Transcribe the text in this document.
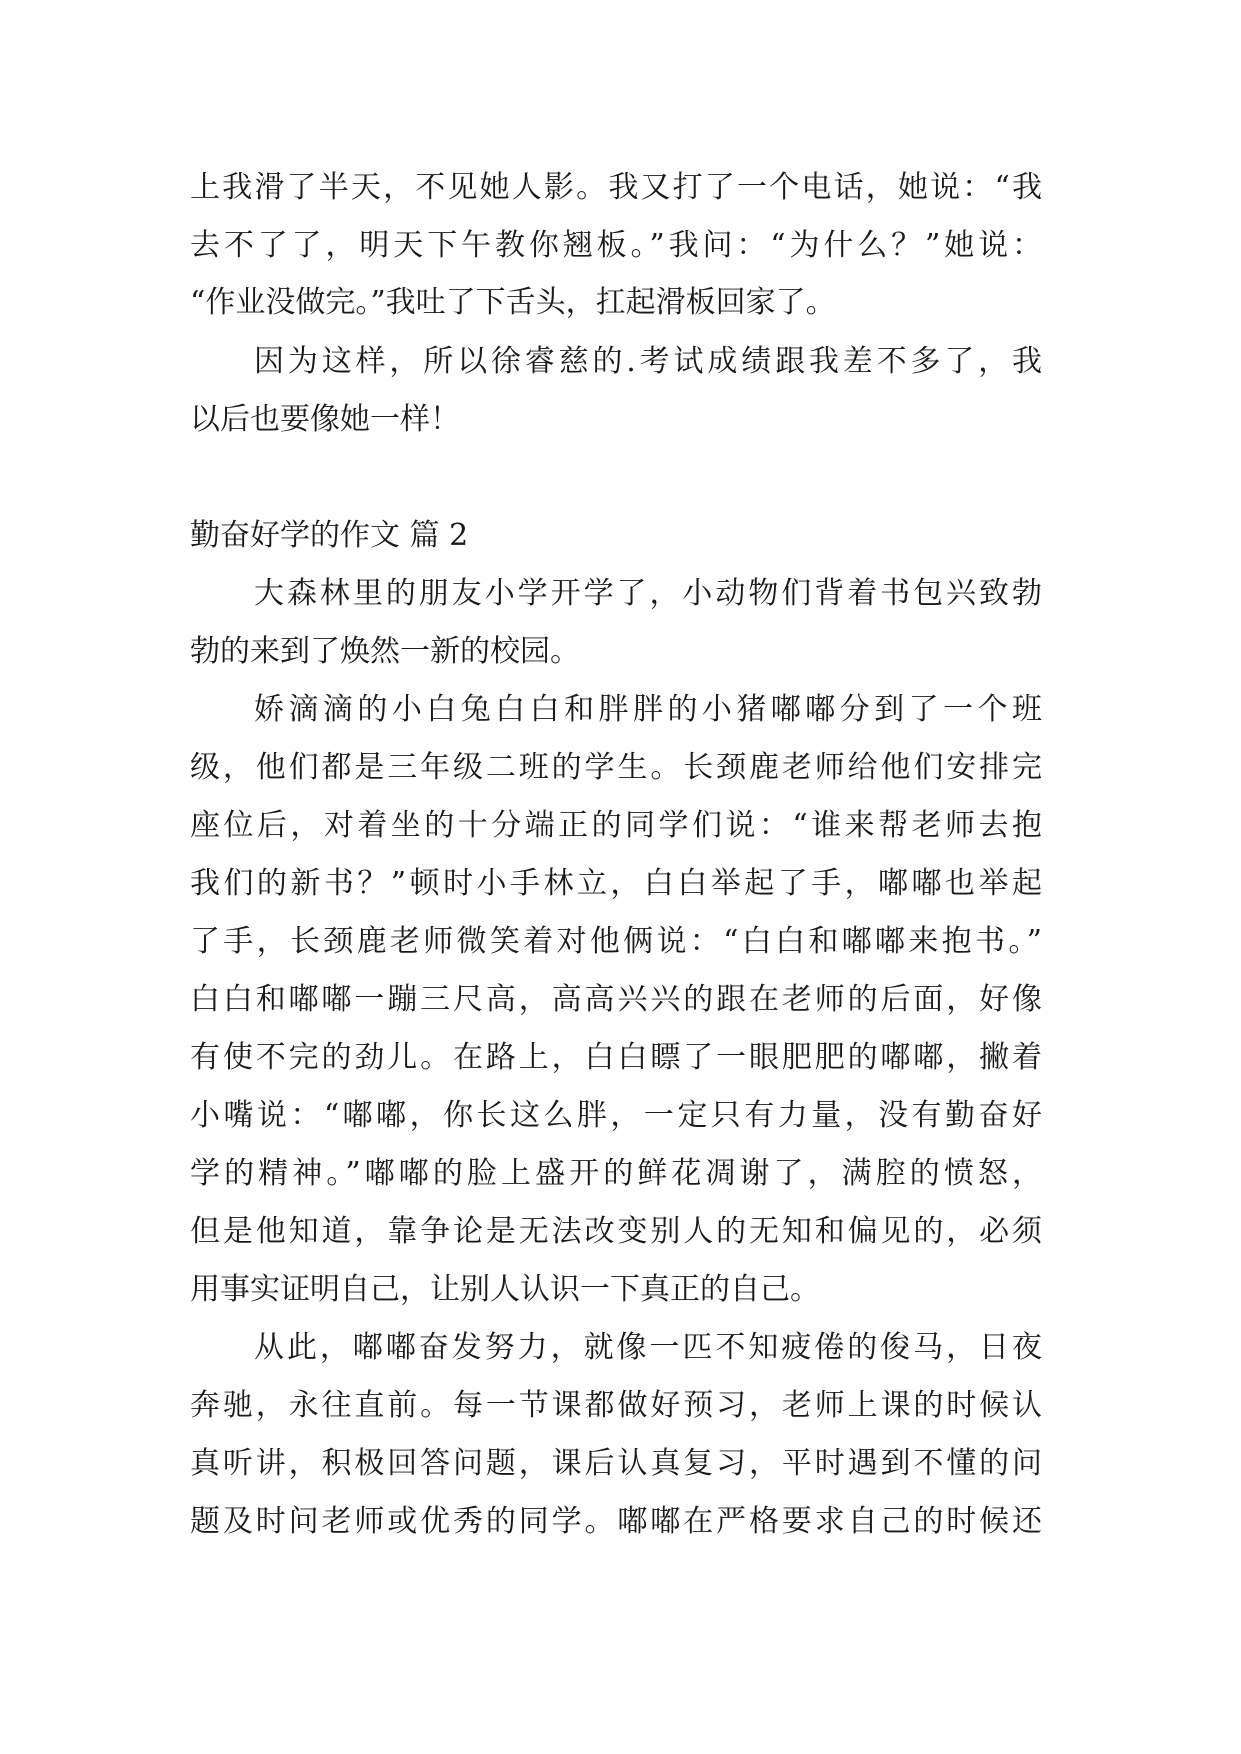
上我滑了半天，不见她人影。我又打了一个电话，她说：“我
去不了了，明天下午教你翘板。”我问：“为什么？”她说：
“作业没做完。”我吐了下舌头，扛起滑板回家了。
因为这样，所以徐睿慈的.考试成绩跟我差不多了，我
以后也要像她一样！
勤奋好学的作文 篇 2
大森林里的朋友小学开学了，小动物们背着书包兴致勃
勃的来到了焕然一新的校园。
娇滴滴的小白兔白白和胖胖的小猪嘟嘟分到了一个班
级，他们都是三年级二班的学生。长颈鹿老师给他们安排完
座位后，对着坐的十分端正的同学们说：“谁来帮老师去抱
我们的新书？”顿时小手林立，白白举起了手，嘟嘟也举起
了手，长颈鹿老师微笑着对他俩说：“白白和嘟嘟来抱书。”
白白和嘟嘟一蹦三尺高，高高兴兴的跟在老师的后面，好像
有使不完的劲儿。在路上，白白瞟了一眼肥肥的嘟嘟，撇着
小嘴说：“嘟嘟，你长这么胖，一定只有力量，没有勤奋好
学的精神。”嘟嘟的脸上盛开的鲜花凋谢了，满腔的愤怒，
但是他知道，靠争论是无法改变别人的无知和偏见的，必须
用事实证明自己，让别人认识一下真正的自己。
从此，嘟嘟奋发努力，就像一匹不知疲倦的俊马，日夜
奔驰，永往直前。每一节课都做好预习，老师上课的时候认
真听讲，积极回答问题，课后认真复习，平时遇到不懂的问
题及时问老师或优秀的同学。嘟嘟在严格要求自己的时候还
